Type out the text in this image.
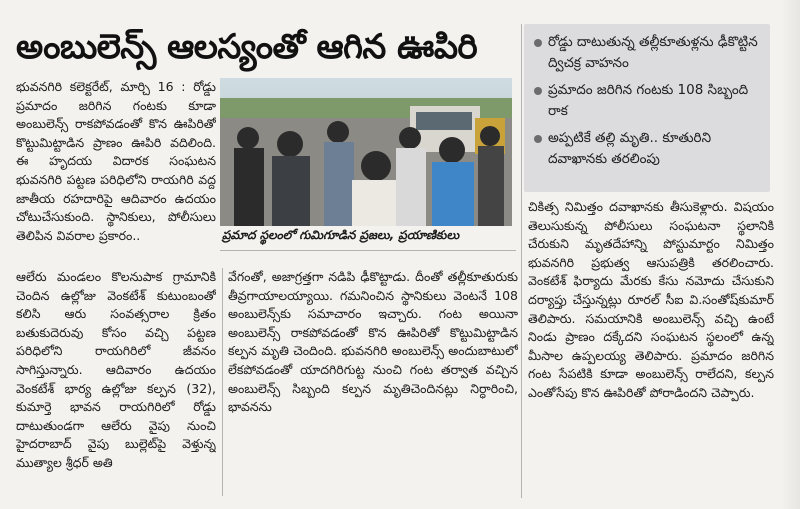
అంబులెన్స్ ఆలస్యంతో ఆగిన ఊపిరి	రోడ్డు దాటుతున్న తల్లీకూతుళ్లను ఢీకొట్టిన ద్విచక్ర వాహనం
ప్రమాదం జరిగిన గంటకు 108 సిబ్బంది రాక
అప్పటికే తల్లి మృతి.. కూతురిని దవాఖానకు తరలింపు

భువనగిరి కలెక్టరేట్, మార్చి 16 : రోడ్డు ప్రమాదం జరిగిన గంటకు కూడా అంబులెన్స్ రాకపోవడంతో కొన ఊపిరితో కొట్టుమిట్టాడిన ప్రాణం ఊపిరి వదిలింది. ఈ హృదయ విదారక సంఘటన భువనగిరి పట్టణ పరిధిలోని రాయగిరి వద్ద జాతీయ రహదారిపై ఆదివారం ఉదయం చోటుచేసుకుంది. స్థానికులు, పోలీసులు తెలిపిన వివరాల ప్రకారం..	ప్రమాద స్థలంలో గుమిగూడిన ప్రజలు, ప్రయాణికులు

ఆలేరు మండలం కొలనుపాక గ్రామానికి చెందిన ఉల్లోజు వెంకటేశ్ కుటుంబంతో కలిసి ఆరు సంవత్సరాల క్రితం బతుకుదెరువు కోసం వచ్చి పట్టణ పరిధిలోని రాయగిరిలో జీవనం సాగిస్తున్నారు. ఆదివారం ఉదయం వెంకటేశ్ భార్య ఉల్లోజు కల్పన (32), కుమార్తె భావన రాయగిరిలో రోడ్డు దాటుతుండగా ఆలేరు వైపు నుంచి హైదరాబాద్ వైపు బుల్లెట్‌పై వెళ్తున్న ముత్యాల శ్రీధర్ అతి

వేగంతో, అజాగ్రత్తగా నడిపి ఢీకొట్టాడు. దీంతో తల్లీకూతురుకు తీవ్రగాయాలయ్యాయి. గమనించిన స్థానికులు వెంటనే 108 అంబులెన్స్‌కు సమాచారం ఇచ్చారు. గంట అయినా అంబులెన్స్ రాకపోవడంతో కొన ఊపిరితో కొట్టుమిట్టాడిన కల్పన మృతి చెందింది. భువనగిరి అంబులెన్స్ అందుబాటులో లేకపోవడంతో యాదగిరిగుట్ట నుంచి గంట తర్వాత వచ్చిన అంబులెన్స్ సిబ్బంది కల్పన మృతిచెందినట్లు నిర్ధారించి, భావనను

చికిత్స నిమిత్తం దవాఖానకు తీసుకెళ్లారు. విషయం తెలుసుకున్న పోలీసులు సంఘటనా స్థలానికి చేరుకుని మృతదేహాన్ని పోస్టుమార్టం నిమిత్తం భువనగిరి ప్రభుత్వ ఆసుపత్రికి తరలించారు. వెంకటేశ్ ఫిర్యాదు మేరకు కేసు నమోదు చేసుకుని దర్యాప్తు చేస్తున్నట్లు రూరల్ సీఐ వి.సంతోష్‌కుమార్ తెలిపారు. సమయానికి అంబులెన్స్ వచ్చి ఉంటే నిండు ప్రాణం దక్కేదని సంఘటన స్థలంలో ఉన్న మీసాల ఉప్పలయ్య తెలిపారు. ప్రమాదం జరిగిన గంట సేపటికి కూడా అంబులెన్స్ రాలేదని, కల్పన ఎంతోసేపు కొన ఊపిరితో పోరాడిందని చెప్పారు.
